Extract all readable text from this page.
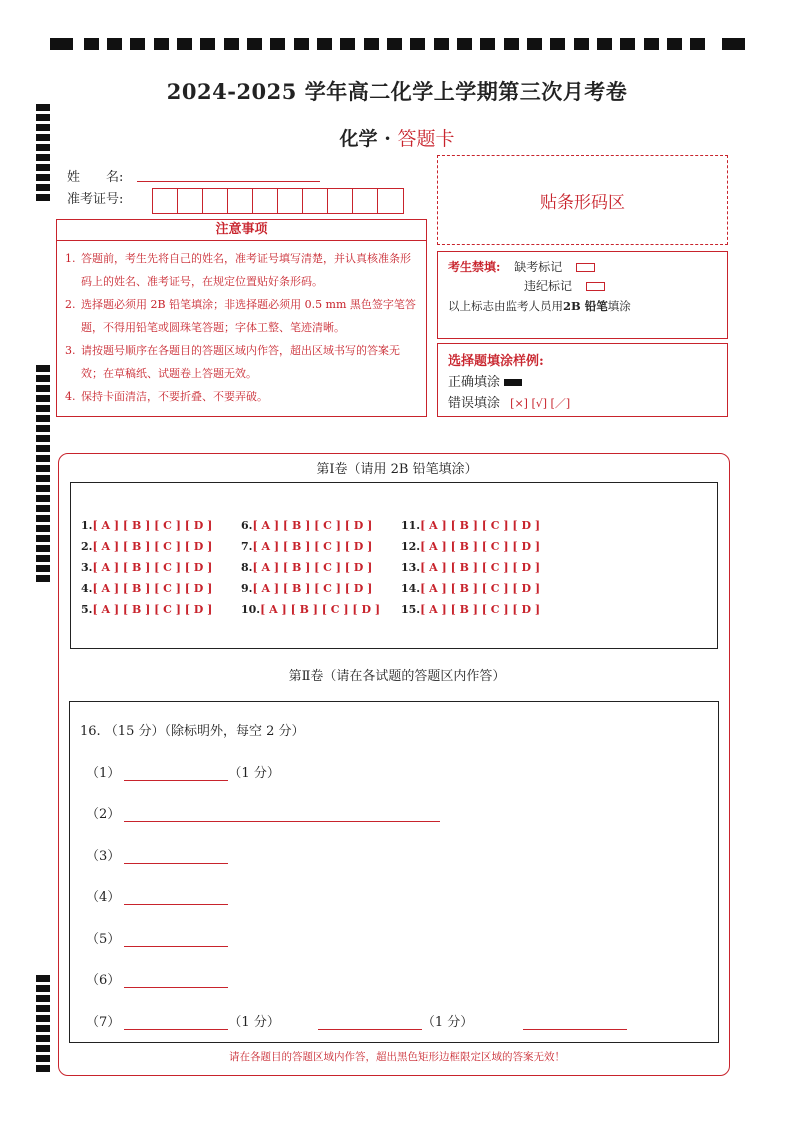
2024-2025 学年高二化学上学期第三次月考卷
化学 · 答题卡
姓　　名:
准考证号:	贴条形码区
注意事项
1. 答题前，考生先将自己的姓名，准考证号填写清楚，并认真核准条形码上的姓名、准考证号，在规定位置贴好条形码。
2. 选择题必须用 2B 铅笔填涂；非选择题必须用 0.5 mm 黑色签字笔答题，不得用铅笔或圆珠笔答题；字体工整、笔迹清晰。
3. 请按题号顺序在各题目的答题区域内作答，超出区域书写的答案无效；在草稿纸、试题卷上答题无效。
4. 保持卡面清洁，不要折叠、不要弄破。
考生禁填: 缺考标记
违纪标记
以上标志由监考人员用2B 铅笔填涂
选择题填涂样例:
正确填涂
错误填涂 [×] [√] [／]
第Ⅰ卷（请用 2B 铅笔填涂）
1.[ A ] [ B ] [ C ] [ D ]
2.[ A ] [ B ] [ C ] [ D ]
3.[ A ] [ B ] [ C ] [ D ]
4.[ A ] [ B ] [ C ] [ D ]
5.[ A ] [ B ] [ C ] [ D ]
6.[ A ] [ B ] [ C ] [ D ]
7.[ A ] [ B ] [ C ] [ D ]
8.[ A ] [ B ] [ C ] [ D ]
9.[ A ] [ B ] [ C ] [ D ]
10.[ A ] [ B ] [ C ] [ D ]
11.[ A ] [ B ] [ C ] [ D ]
12.[ A ] [ B ] [ C ] [ D ]
13.[ A ] [ B ] [ C ] [ D ]
14.[ A ] [ B ] [ C ] [ D ]
15.[ A ] [ B ] [ C ] [ D ]
第Ⅱ卷（请在各试题的答题区内作答）
16. （15 分）（除标明外，每空 2 分）
（1）	（1 分）
（2）
（3）
（4）
（5）
（6）
（7）	（1 分）	（1 分）
请在各题目的答题区域内作答，超出黑色矩形边框限定区域的答案无效！
